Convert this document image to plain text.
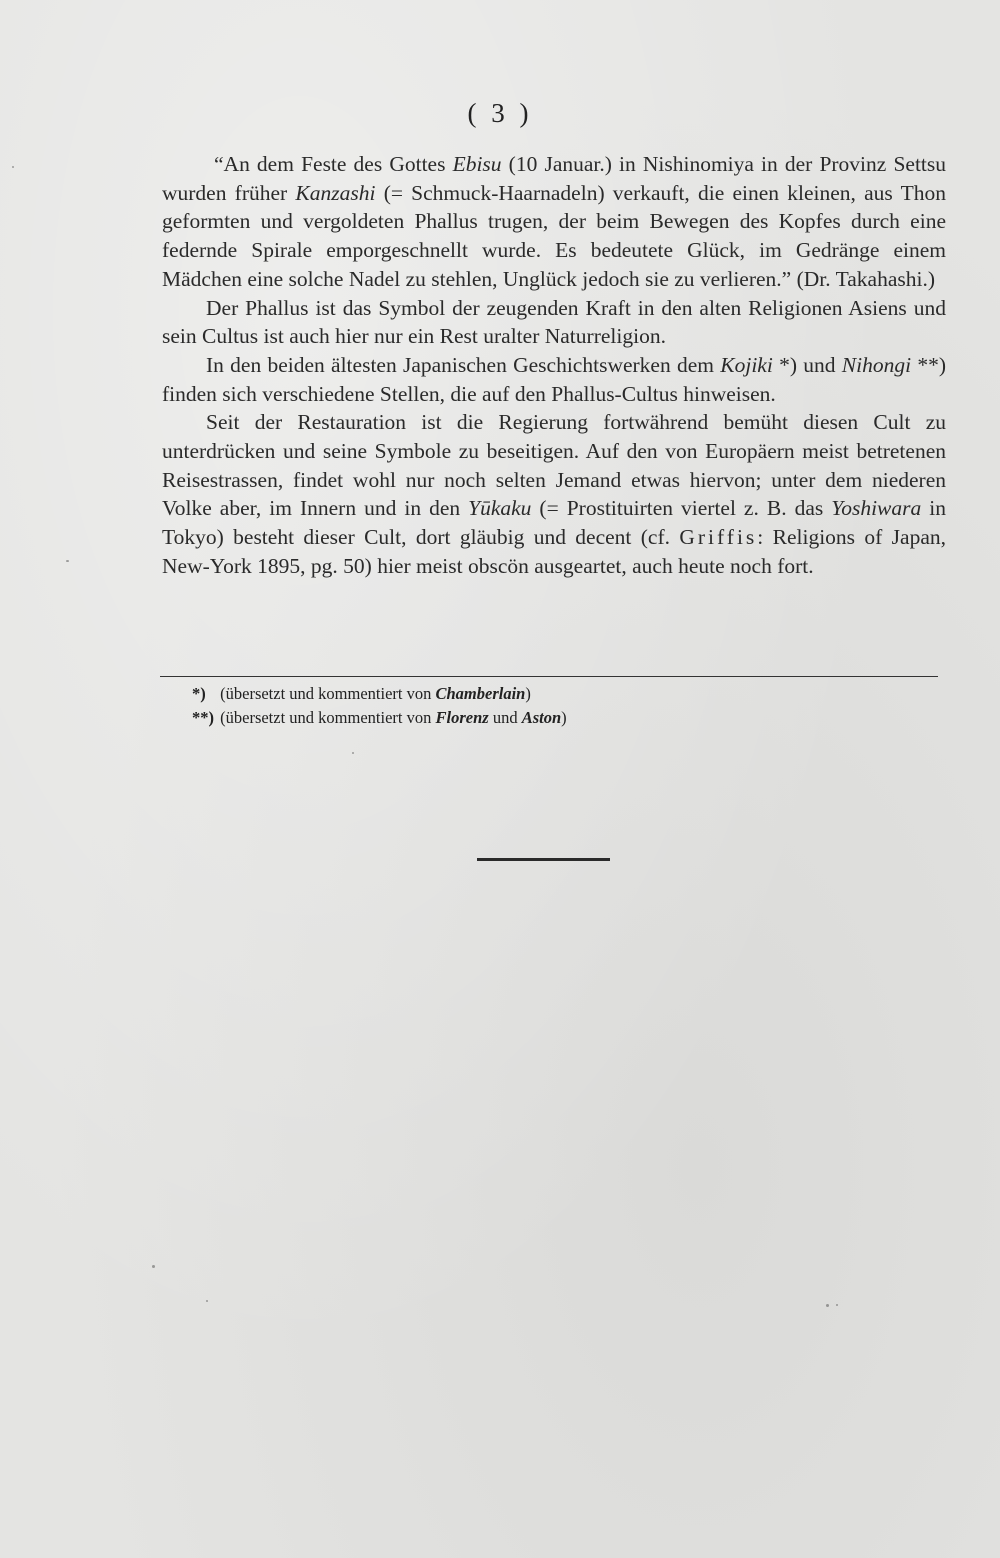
( 3 )

“An dem Feste des Gottes Ebisu (10 Januar.) in Nishinomiya in der Provinz Settsu wurden früher Kanzashi (= Schmuck-Haarnadeln) verkauft, die einen kleinen, aus Thon geformten und vergoldeten Phallus trugen, der beim Bewegen des Kopfes durch eine federnde Spirale emporgeschnellt wurde. Es bedeutete Glück, im Gedränge einem Mädchen eine solche Nadel zu stehlen, Unglück jedoch sie zu verlieren.” (Dr. Takahashi.)

Der Phallus ist das Symbol der zeugenden Kraft in den alten Religionen Asiens und sein Cultus ist auch hier nur ein Rest uralter Naturreligion.

In den beiden ältesten Japanischen Geschichtswerken dem Kojiki *) und Nihongi **) finden sich verschiedene Stellen, die auf den Phallus-Cultus hinweisen.

Seit der Restauration ist die Regierung fortwährend bemüht diesen Cult zu unterdrücken und seine Symbole zu beseitigen. Auf den von Europäern meist betretenen Reisestrassen, findet wohl nur noch selten Jemand etwas hiervon; unter dem niederen Volke aber, im Innern und in den Yūkaku (= Prostituirten viertel z. B. das Yoshiwara in Tokyo) besteht dieser Cult, dort gläubig und decent (cf. Griffis: Religions of Japan, New-York 1895, pg. 50) hier meist obscön ausgeartet, auch heute noch fort.

*) (übersetzt und kommentiert von Chamberlain)

**) (übersetzt und kommentiert von Florenz und Aston)
